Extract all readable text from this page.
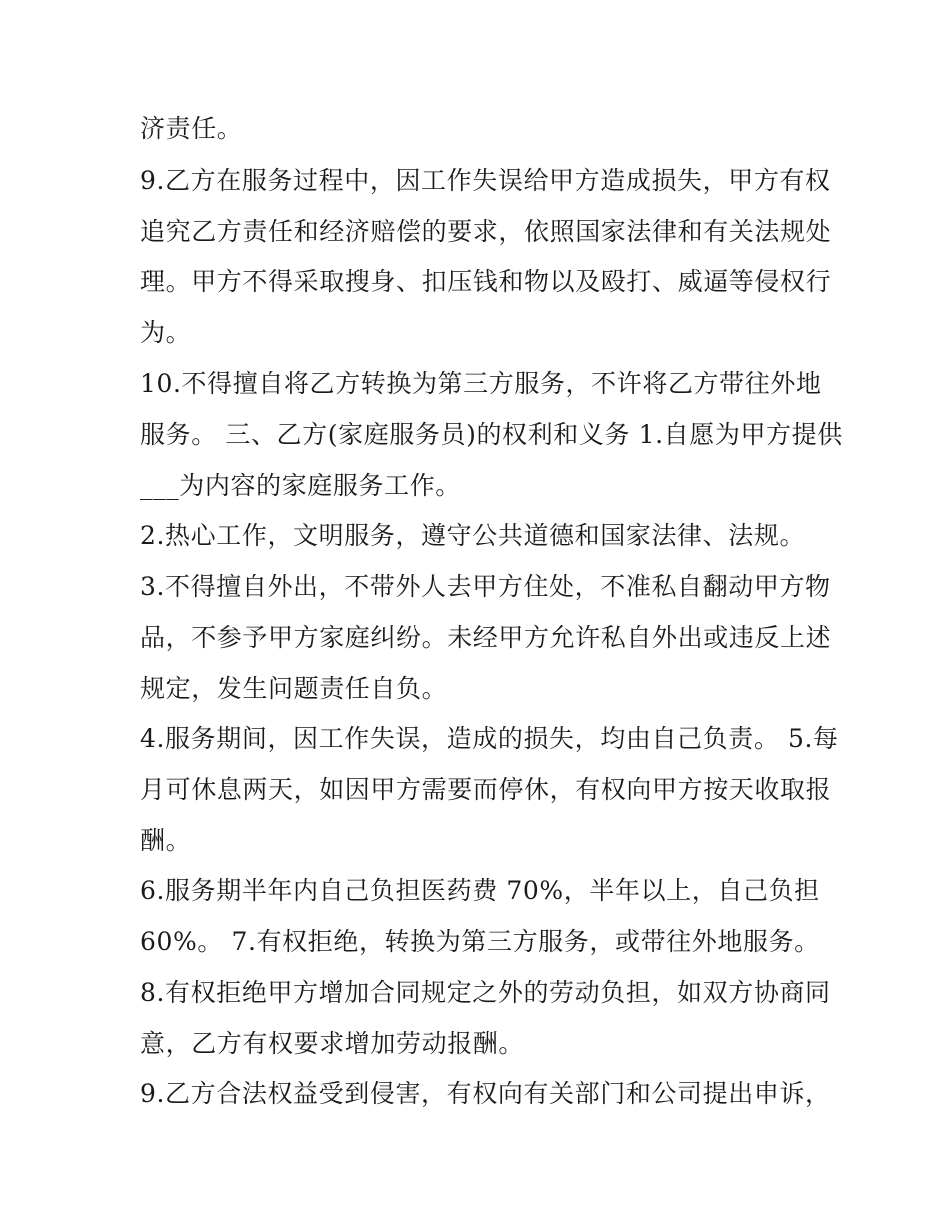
济责任。

9.乙方在服务过程中，因工作失误给甲方造成损失，甲方有权

追究乙方责任和经济赔偿的要求，依照国家法律和有关法规处

理。甲方不得采取搜身、扣压钱和物以及殴打、威逼等侵权行

为。

10.不得擅自将乙方转换为第三方服务，不许将乙方带往外地

服务。 三、乙方(家庭服务员)的权利和义务 1.自愿为甲方提供

___为内容的家庭服务工作。

2.热心工作，文明服务，遵守公共道德和国家法律、法规。

3.不得擅自外出，不带外人去甲方住处，不准私自翻动甲方物

品，不参予甲方家庭纠纷。未经甲方允许私自外出或违反上述

规定，发生问题责任自负。

4.服务期间，因工作失误，造成的损失，均由自己负责。 5.每

月可休息两天，如因甲方需要而停休，有权向甲方按天收取报

酬。

6.服务期半年内自己负担医药费 70%，半年以上，自己负担

60%。 7.有权拒绝，转换为第三方服务，或带往外地服务。

8.有权拒绝甲方增加合同规定之外的劳动负担，如双方协商同

意，乙方有权要求增加劳动报酬。

9.乙方合法权益受到侵害，有权向有关部门和公司提出申诉，
